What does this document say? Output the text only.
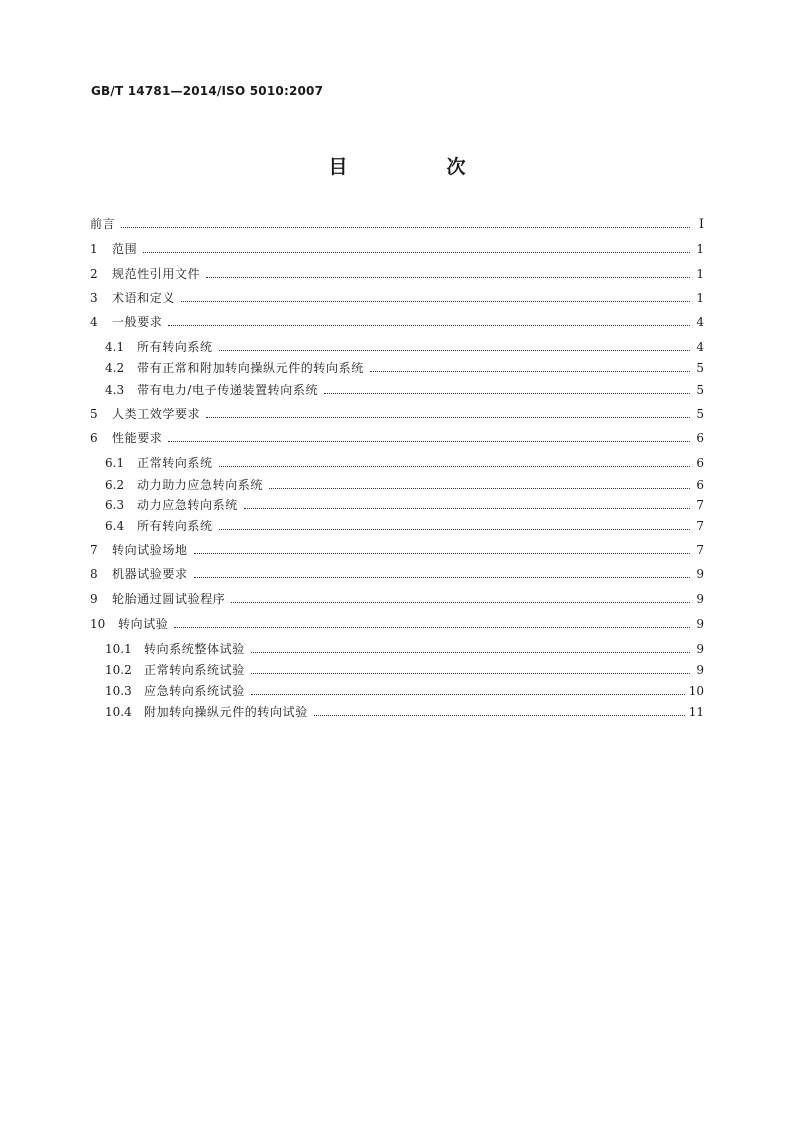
GB/T 14781—2014/ISO 5010:2007
目　次
前言	Ⅰ
1	范围	1
2	规范性引用文件	1
3	术语和定义	1
4	一般要求	4
4.1	所有转向系统	4
4.2	带有正常和附加转向操纵元件的转向系统	5
4.3	带有电力/电子传递装置转向系统	5
5	人类工效学要求	5
6	性能要求	6
6.1	正常转向系统	6
6.2	动力助力应急转向系统	6
6.3	动力应急转向系统	7
6.4	所有转向系统	7
7	转向试验场地	7
8	机器试验要求	9
9	轮胎通过圆试验程序	9
10	转向试验	9
10.1	转向系统整体试验	9
10.2	正常转向系统试验	9
10.3	应急转向系统试验	10
10.4	附加转向操纵元件的转向试验	11
